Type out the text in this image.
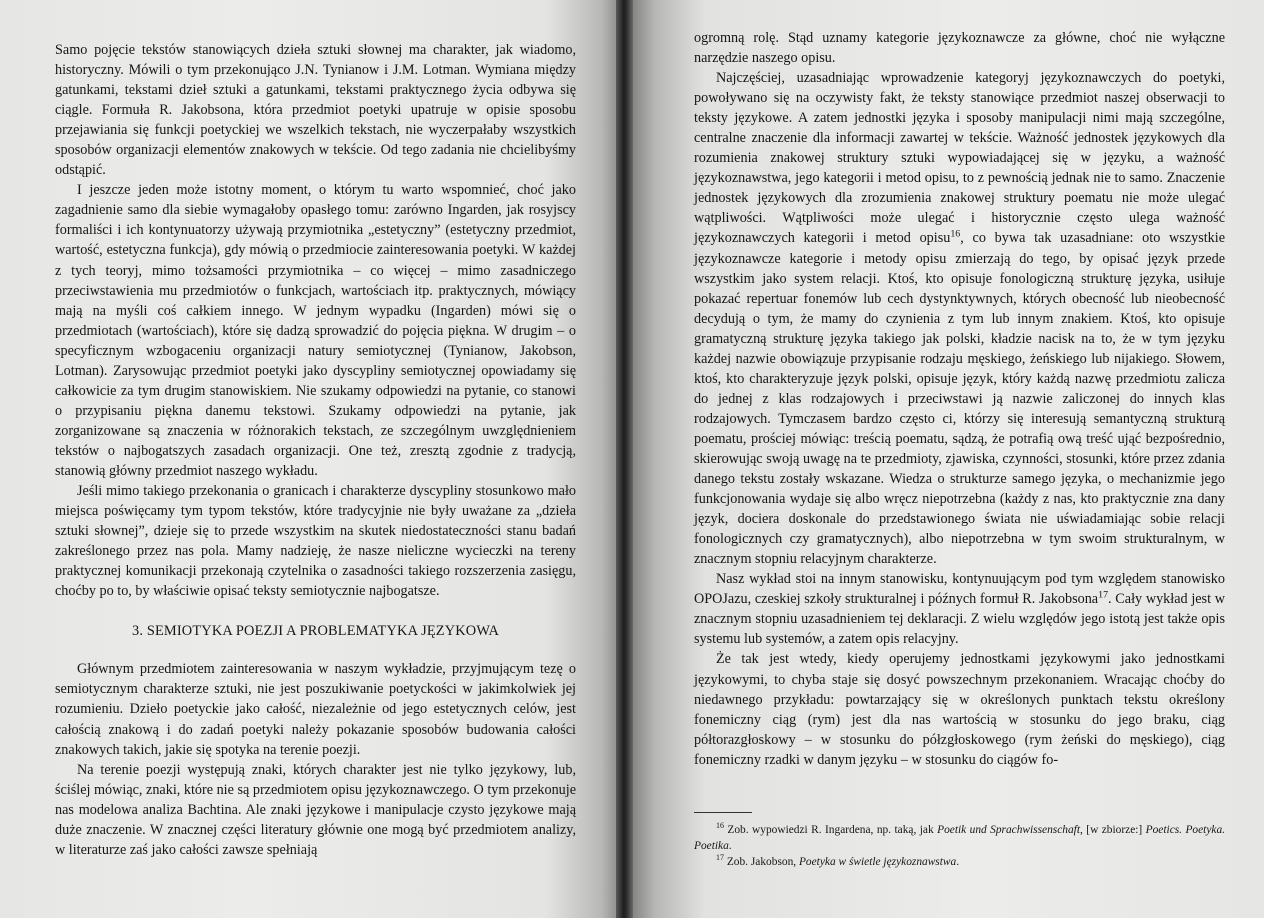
Samo pojęcie tekstów stanowiących dzieła sztuki słownej ma charakter, jak wiadomo, historyczny. Mówili o tym przekonująco J.N. Tynianow i J.M. Lotman. Wymiana między gatunkami, tekstami dzieł sztuki a gatunkami, tekstami praktycznego życia odbywa się ciągle. Formuła R. Jakobsona, która przedmiot poetyki upatruje w opisie sposobu przejawiania się funkcji poetyckiej we wszelkich tekstach, nie wyczerpałaby wszystkich sposobów organizacji elementów znakowych w tekście. Od tego zadania nie chcielibyśmy odstąpić.

I jeszcze jeden może istotny moment, o którym tu warto wspomnieć, choć jako zagadnienie samo dla siebie wymagałoby opasłego tomu: zarówno Ingarden, jak rosyjscy formaliści i ich kontynuatorzy używają przymiotnika „estetyczny” (estetyczny przedmiot, wartość, estetyczna funkcja), gdy mówią o przedmiocie zainteresowania poetyki. W każdej z tych teoryj, mimo tożsamości przymiotnika – co więcej – mimo zasadniczego przeciwstawienia mu przedmiotów o funkcjach, wartościach itp. praktycznych, mówiący mają na myśli coś całkiem innego. W jednym wypadku (Ingarden) mówi się o przedmiotach (wartościach), które się dadzą sprowadzić do pojęcia piękna. W drugim – o specyficznym wzbogaceniu organizacji natury semiotycznej (Tynianow, Jakobson, Lotman). Zarysowując przedmiot poetyki jako dyscypliny semiotycznej opowiadamy się całkowicie za tym drugim stanowiskiem. Nie szukamy odpowiedzi na pytanie, co stanowi o przypisaniu piękna danemu tekstowi. Szukamy odpowiedzi na pytanie, jak zorganizowane są znaczenia w różnorakich tekstach, ze szczególnym uwzględnieniem tekstów o najbogatszych zasadach organizacji. One też, zresztą zgodnie z tradycją, stanowią główny przedmiot naszego wykładu.

Jeśli mimo takiego przekonania o granicach i charakterze dyscypliny stosunkowo mało miejsca poświęcamy tym typom tekstów, które tradycyjnie nie były uważane za „dzieła sztuki słownej”, dzieje się to przede wszystkim na skutek niedostateczności stanu badań zakreślonego przez nas pola. Mamy nadzieję, że nasze nieliczne wycieczki na tereny praktycznej komunikacji przekonają czytelnika o zasadności takiego rozszerzenia zasięgu, choćby po to, by właściwie opisać teksty semiotycznie najbogatsze.

3. SEMIOTYKA POEZJI A PROBLEMATYKA JĘZYKOWA

Głównym przedmiotem zainteresowania w naszym wykładzie, przyjmującym tezę o semiotycznym charakterze sztuki, nie jest poszukiwanie poetyckości w jakimkolwiek jej rozumieniu. Dzieło poetyckie jako całość, niezależnie od jego estetycznych celów, jest całością znakową i do zadań poetyki należy pokazanie sposobów budowania całości znakowych takich, jakie się spotyka na terenie poezji.

Na terenie poezji występują znaki, których charakter jest nie tylko językowy, lub, ściślej mówiąc, znaki, które nie są przedmiotem opisu językoznawczego. O tym przekonuje nas modelowa analiza Bachtina. Ale znaki językowe i manipulacje czysto językowe mają duże znaczenie. W znacznej części literatury głównie one mogą być przedmiotem analizy, w literaturze zaś jako całości zawsze spełniają

ogromną rolę. Stąd uznamy kategorie językoznawcze za główne, choć nie wyłączne narzędzie naszego opisu.

Najczęściej, uzasadniając wprowadzenie kategoryj językoznawczych do poetyki, powoływano się na oczywisty fakt, że teksty stanowiące przedmiot naszej obserwacji to teksty językowe. A zatem jednostki języka i sposoby manipulacji nimi mają szczególne, centralne znaczenie dla informacji zawartej w tekście. Ważność jednostek językowych dla rozumienia znakowej struktury sztuki wypowiadającej się w języku, a ważność językoznawstwa, jego kategorii i metod opisu, to z pewnością jednak nie to samo. Znaczenie jednostek językowych dla zrozumienia znakowej struktury poematu nie może ulegać wątpliwości. Wątpliwości może ulegać i historycznie często ulega ważność językoznawczych kategorii i metod opisu$^{16}$, co bywa tak uzasadniane: oto wszystkie językoznawcze kategorie i metody opisu zmierzają do tego, by opisać język przede wszystkim jako system relacji. Ktoś, kto opisuje fonologiczną strukturę języka, usiłuje pokazać repertuar fonemów lub cech dystynktywnych, których obecność lub nieobecność decydują o tym, że mamy do czynienia z tym lub innym znakiem. Ktoś, kto opisuje gramatyczną strukturę języka takiego jak polski, kładzie nacisk na to, że w tym języku każdej nazwie obowiązuje przypisanie rodzaju męskiego, żeńskiego lub nijakiego. Słowem, ktoś, kto charakteryzuje język polski, opisuje język, który każdą nazwę przedmiotu zalicza do jednej z klas rodzajowych i przeciwstawi ją nazwie zaliczonej do innych klas rodzajowych. Tymczasem bardzo często ci, którzy się interesują semantyczną strukturą poematu, prościej mówiąc: treścią poematu, sądzą, że potrafią ową treść ująć bezpośrednio, skierowując swoją uwagę na te przedmioty, zjawiska, czynności, stosunki, które przez zdania danego tekstu zostały wskazane. Wiedza o strukturze samego języka, o mechanizmie jego funkcjonowania wydaje się albo wręcz niepotrzebna (każdy z nas, kto praktycznie zna dany język, dociera doskonale do przedstawionego świata nie uświadamiając sobie relacji fonologicznych czy gramatycznych), albo niepotrzebna w tym swoim strukturalnym, w znacznym stopniu relacyjnym charakterze.

Nasz wykład stoi na innym stanowisku, kontynuującym pod tym względem stanowisko OPOJazu, czeskiej szkoły strukturalnej i późnych formuł R. Jakobsona$^{17}$. Cały wykład jest w znacznym stopniu uzasadnieniem tej deklaracji. Z wielu względów jego istotą jest także opis systemu lub systemów, a zatem opis relacyjny.

Że tak jest wtedy, kiedy operujemy jednostkami językowymi jako jednostkami językowymi, to chyba staje się dosyć powszechnym przekonaniem. Wracając choćby do niedawnego przykładu: powtarzający się w określonych punktach tekstu określony fonemiczny ciąg (rym) jest dla nas wartością w stosunku do jego braku, ciąg półtorazgłoskowy – w stosunku do półzgłoskowego (rym żeński do męskiego), ciąg fonemiczny rzadki w danym języku – w stosunku do ciągów fo-

$^{16}$ Zob. wypowiedzi R. Ingardena, np. taką, jak Poetik und Sprachwissenschaft, [w zbiorze:] Poetics. Poetyka. Poetika.

$^{17}$ Zob. Jakobson, Poetyka w świetle językoznawstwa.
